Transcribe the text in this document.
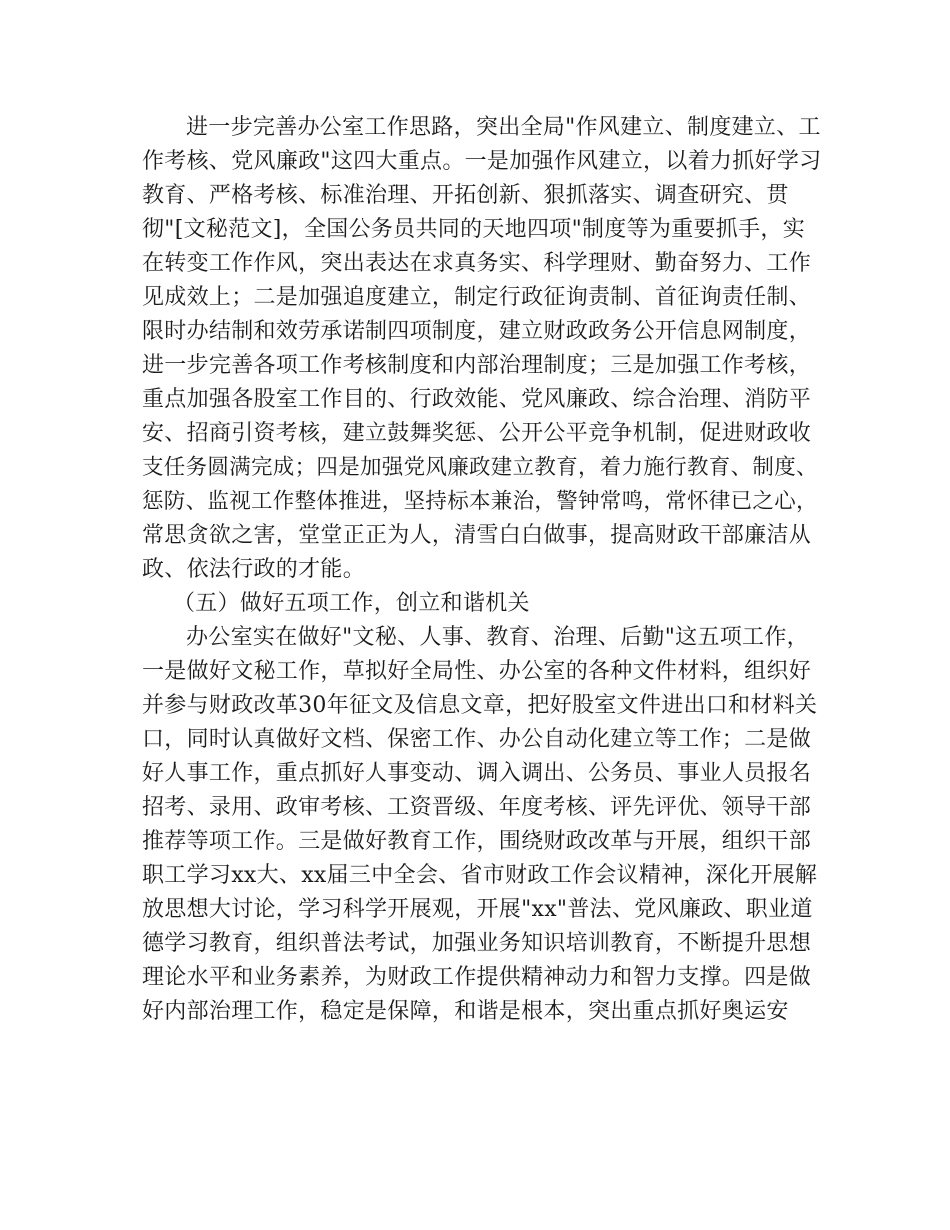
进一步完善办公室工作思路，突出全局"作风建立、制度建立、工
作考核、党风廉政"这四大重点。一是加强作风建立，以着力抓好学习
教育、严格考核、标准治理、开拓创新、狠抓落实、调查研究、贯
彻"[文秘范文]，全国公务员共同的天地四项"制度等为重要抓手，实
在转变工作作风，突出表达在求真务实、科学理财、勤奋努力、工作
见成效上；二是加强追度建立，制定行政征询责制、首征询责任制、
限时办结制和效劳承诺制四项制度，建立财政政务公开信息网制度，
进一步完善各项工作考核制度和内部治理制度；三是加强工作考核，
重点加强各股室工作目的、行政效能、党风廉政、综合治理、消防平
安、招商引资考核，建立鼓舞奖惩、公开公平竞争机制，促进财政收
支任务圆满完成；四是加强党风廉政建立教育，着力施行教育、制度、
惩防、监视工作整体推进，坚持标本兼治，警钟常鸣，常怀律已之心，
常思贪欲之害，堂堂正正为人，清雪白白做事，提高财政干部廉洁从
政、依法行政的才能。
（五）做好五项工作，创立和谐机关
办公室实在做好"文秘、人事、教育、治理、后勤"这五项工作，
一是做好文秘工作，草拟好全局性、办公室的各种文件材料，组织好
并参与财政改革30年征文及信息文章，把好股室文件进出口和材料关
口，同时认真做好文档、保密工作、办公自动化建立等工作；二是做
好人事工作，重点抓好人事变动、调入调出、公务员、事业人员报名
招考、录用、政审考核、工资晋级、年度考核、评先评优、领导干部
推荐等项工作。三是做好教育工作，围绕财政改革与开展，组织干部
职工学习xx大、xx届三中全会、省市财政工作会议精神，深化开展解
放思想大讨论，学习科学开展观，开展"xx"普法、党风廉政、职业道
德学习教育，组织普法考试，加强业务知识培训教育，不断提升思想
理论水平和业务素养，为财政工作提供精神动力和智力支撑。四是做
好内部治理工作，稳定是保障，和谐是根本，突出重点抓好奥运安
